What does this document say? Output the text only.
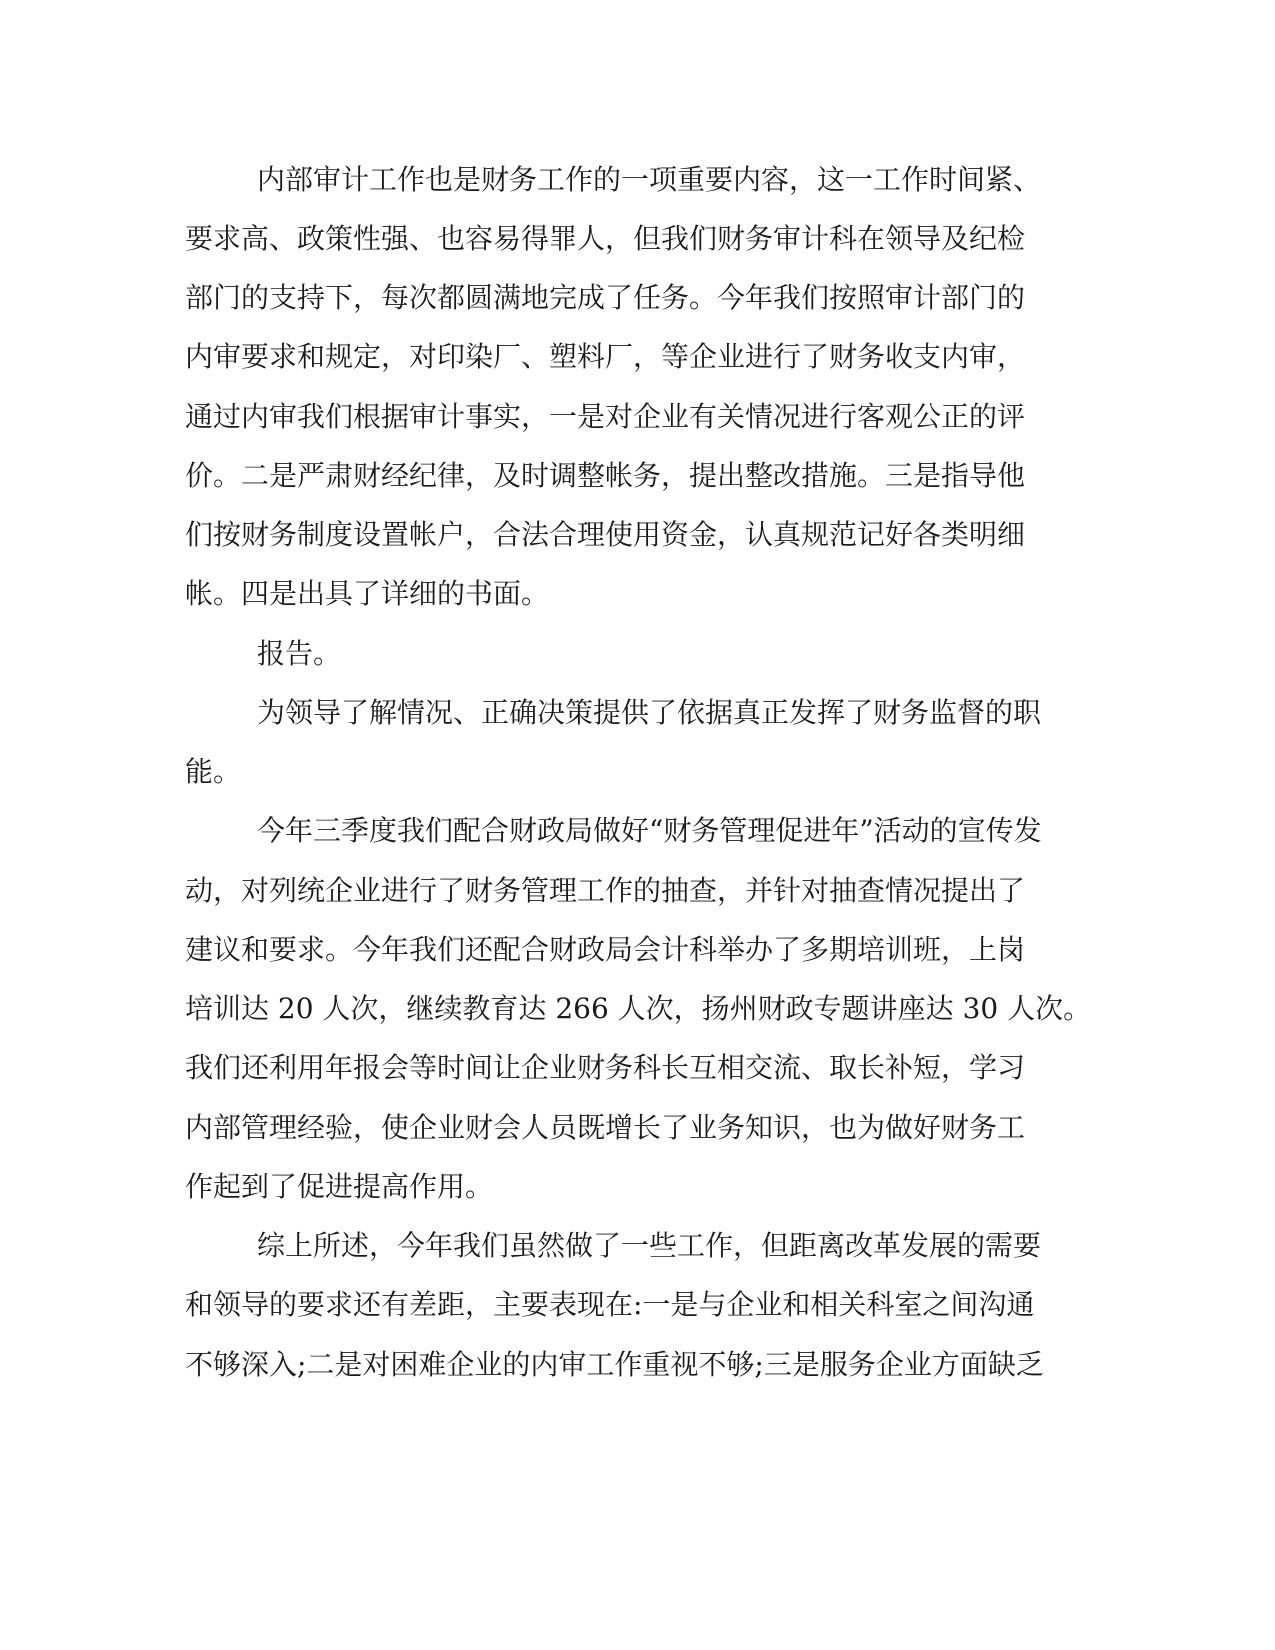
内部审计工作也是财务工作的一项重要内容，这一工作时间紧、
要求高、政策性强、也容易得罪人，但我们财务审计科在领导及纪检
部门的支持下，每次都圆满地完成了任务。今年我们按照审计部门的
内审要求和规定，对印染厂、塑料厂，等企业进行了财务收支内审，
通过内审我们根据审计事实，一是对企业有关情况进行客观公正的评
价。二是严肃财经纪律，及时调整帐务，提出整改措施。三是指导他
们按财务制度设置帐户，合法合理使用资金，认真规范记好各类明细
帐。四是出具了详细的书面。
报告。
为领导了解情况、正确决策提供了依据真正发挥了财务监督的职
能。
今年三季度我们配合财政局做好“财务管理促进年”活动的宣传发
动，对列统企业进行了财务管理工作的抽查，并针对抽查情况提出了
建议和要求。今年我们还配合财政局会计科举办了多期培训班，上岗
培训达 20 人次，继续教育达 266 人次，扬州财政专题讲座达 30 人次。
我们还利用年报会等时间让企业财务科长互相交流、取长补短，学习
内部管理经验，使企业财会人员既增长了业务知识，也为做好财务工
作起到了促进提高作用。
综上所述，今年我们虽然做了一些工作，但距离改革发展的需要
和领导的要求还有差距，主要表现在:一是与企业和相关科室之间沟通
不够深入;二是对困难企业的内审工作重视不够;三是服务企业方面缺乏
